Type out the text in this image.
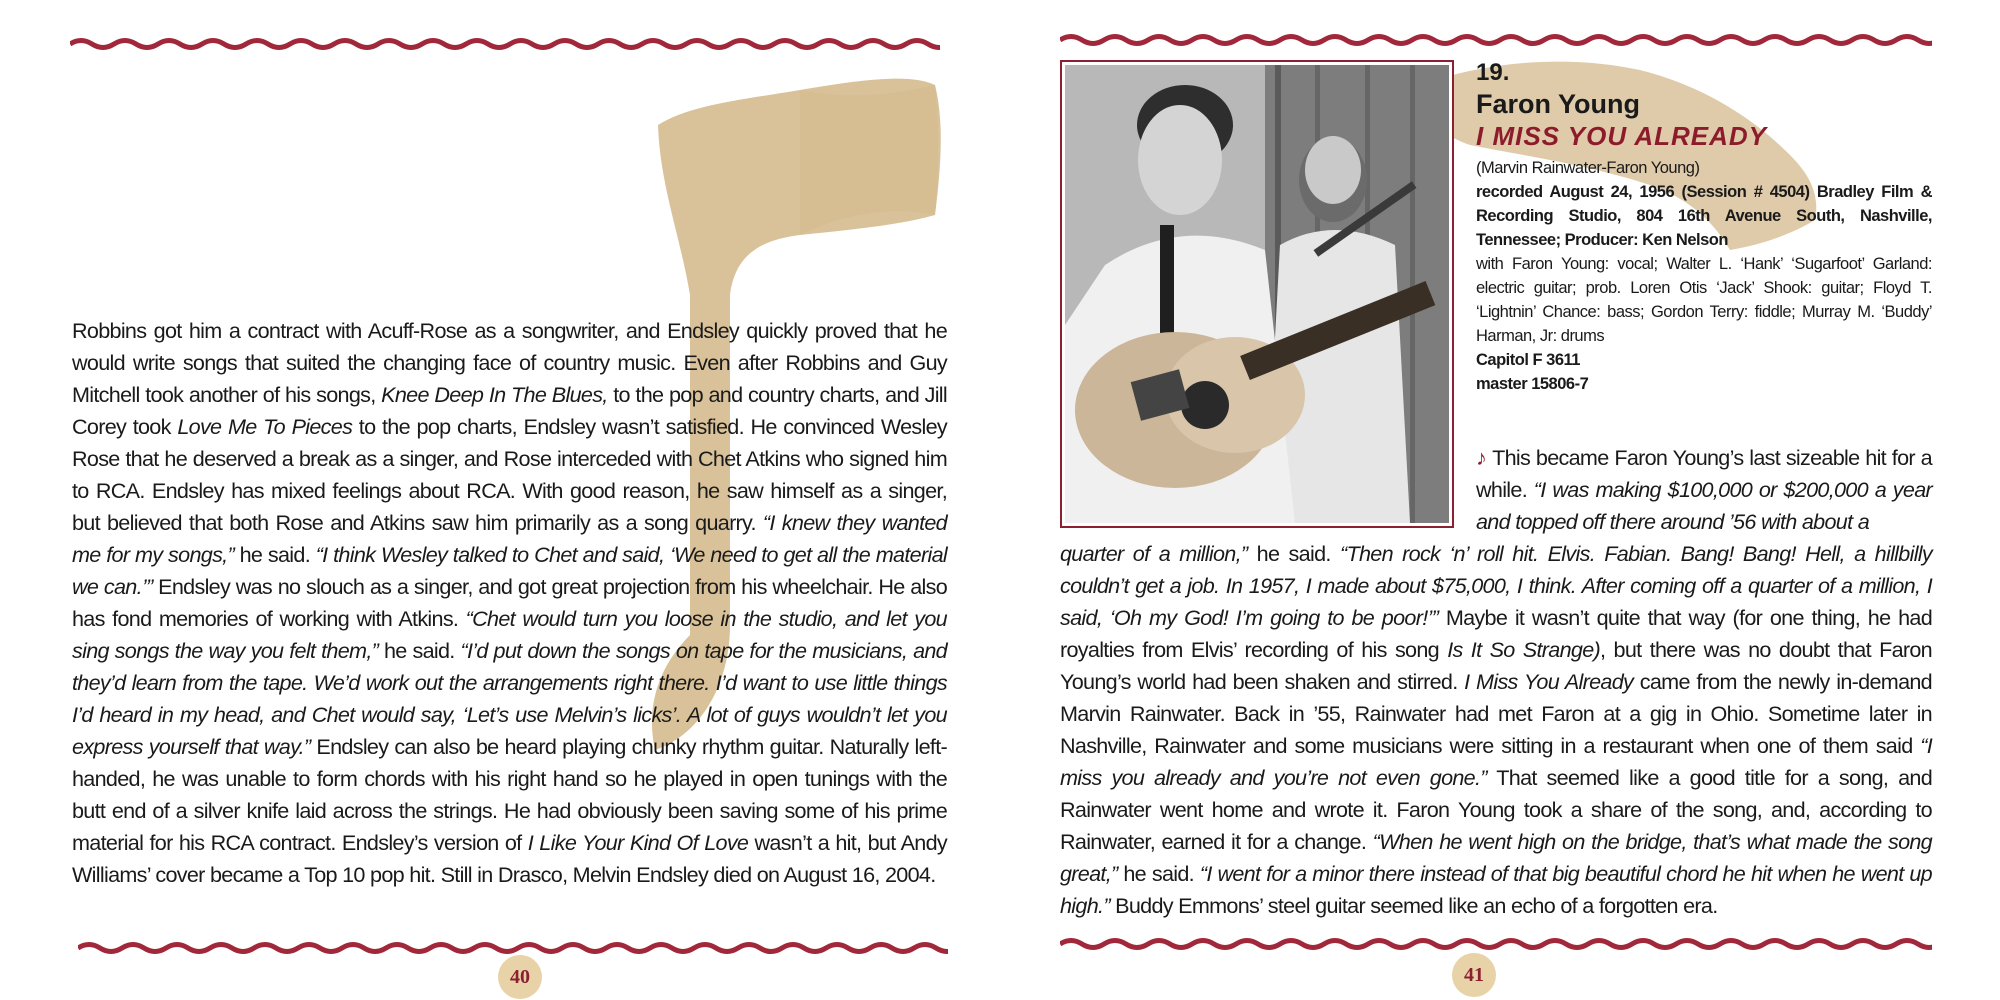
Robbins got him a contract with Acuff-Rose as a songwriter, and Endsley quickly proved that he would write songs that suited the changing face of country music. Even after Robbins and Guy Mitchell took another of his songs, Knee Deep In The Blues, to the pop and country charts, and Jill Corey took Love Me To Pieces to the pop charts, Endsley wasn’t satisfied. He convinced Wesley Rose that he deserved a break as a singer, and Rose interceded with Chet Atkins who signed him to RCA. Endsley has mixed feelings about RCA. With good reason, he saw himself as a singer, but believed that both Rose and Atkins saw him primarily as a song quarry. “I knew they wanted me for my songs,” he said. “I think Wesley talked to Chet and said, ‘We need to get all the material we can.’” Endsley was no slouch as a singer, and got great projection from his wheelchair. He also has fond memories of working with Atkins. “Chet would turn you loose in the studio, and let you sing songs the way you felt them,” he said. “I’d put down the songs on tape for the musicians, and they’d learn from the tape. We’d work out the arrangements right there. I’d want to use little things I’d heard in my head, and Chet would say, ‘Let’s use Melvin’s licks’. A lot of guys wouldn’t let you express yourself that way.” Endsley can also be heard playing chunky rhythm guitar. Naturally left-handed, he was unable to form chords with his right hand so he played in open tunings with the butt end of a silver knife laid across the strings. He had obviously been saving some of his prime material for his RCA contract. Endsley’s version of I Like Your Kind Of Love wasn’t a hit, but Andy Williams’ cover became a Top 10 pop hit. Still in Drasco, Melvin Endsley died on August 16, 2004.

40
19.
Faron Young
I MISS YOU ALREADY
(Marvin Rainwater-Faron Young)
recorded August 24, 1956 (Session # 4504) Bradley Film & Recording Studio, 804 16th Avenue South, Nashville, Tennessee; Producer: Ken Nelson
with Faron Young: vocal; Walter L. ‘Hank’ ‘Sugarfoot’ Garland: electric guitar; prob. Loren Otis ‘Jack’ Shook: guitar; Floyd T. ‘Lightnin’ Chance: bass; Gordon Terry: fiddle; Murray M. ‘Buddy’ Harman, Jr: drums
Capitol F 3611
master 15806-7

♪ This became Faron Young’s last sizeable hit for a while. “I was making $100,000 or $200,000 a year and topped off there around ’56 with about a

quarter of a million,” he said. “Then rock ‘n’ roll hit. Elvis. Fabian. Bang! Bang! Hell, a hillbilly couldn’t get a job. In 1957, I made about $75,000, I think. After coming off a quarter of a million, I said, ‘Oh my God! I’m going to be poor!’” Maybe it wasn’t quite that way (for one thing, he had royalties from Elvis’ recording of his song Is It So Strange), but there was no doubt that Faron Young’s world had been shaken and stirred. I Miss You Already came from the newly in-demand Marvin Rainwater. Back in ’55, Rainwater had met Faron at a gig in Ohio. Sometime later in Nashville, Rainwater and some musicians were sitting in a restaurant when one of them said “I miss you already and you’re not even gone.” That seemed like a good title for a song, and Rainwater went home and wrote it. Faron Young took a share of the song, and, according to Rainwater, earned it for a change. “When he went high on the bridge, that’s what made the song great,” he said. “I went for a minor there instead of that big beautiful chord he hit when he went up high.” Buddy Emmons’ steel guitar seemed like an echo of a forgotten era.

41
